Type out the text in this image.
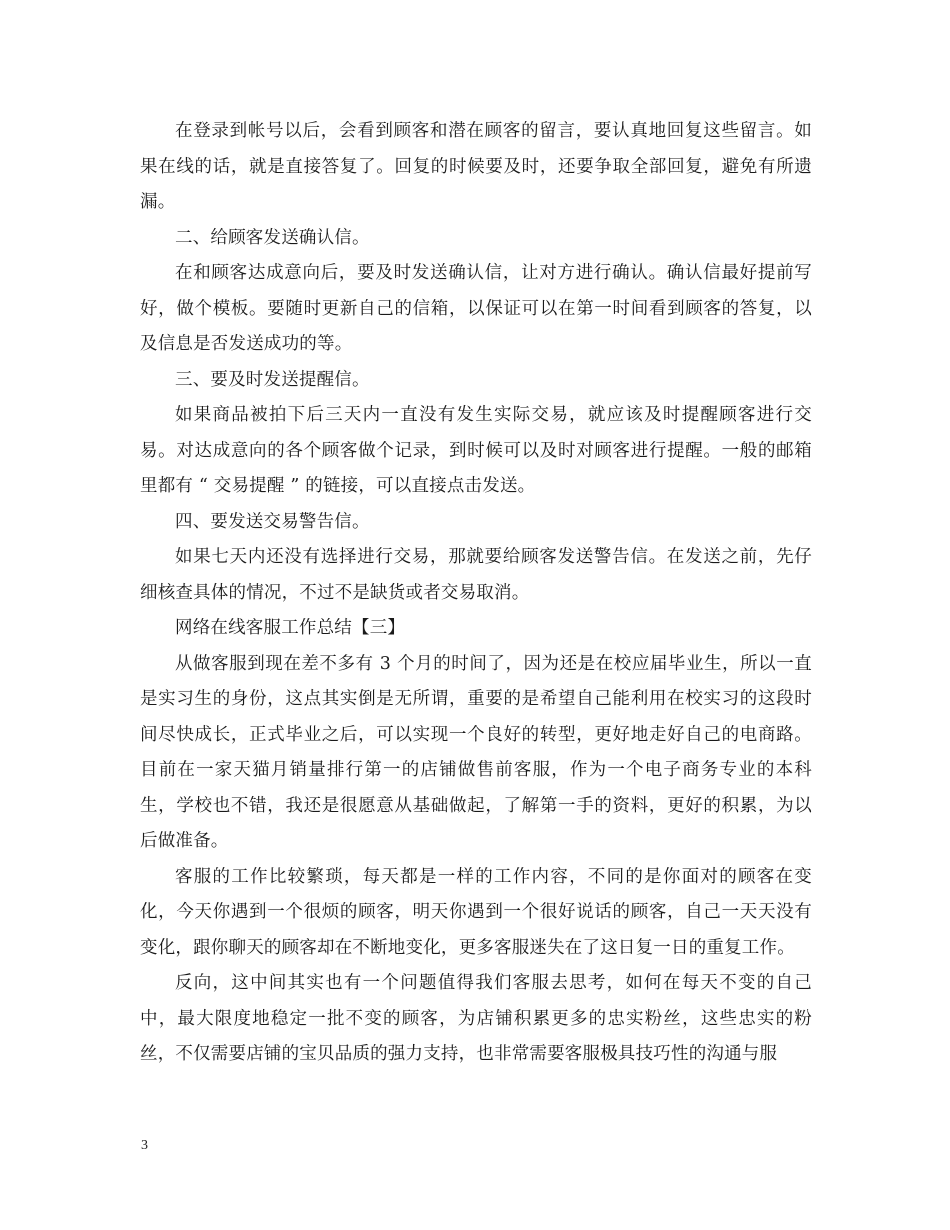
在登录到帐号以后，会看到顾客和潜在顾客的留言，要认真地回复这些留言。如果在线的话，就是直接答复了。回复的时候要及时，还要争取全部回复，避免有所遗漏。

二、给顾客发送确认信。

在和顾客达成意向后，要及时发送确认信，让对方进行确认。确认信最好提前写好，做个模板。要随时更新自己的信箱，以保证可以在第一时间看到顾客的答复，以及信息是否发送成功的等。

三、要及时发送提醒信。

如果商品被拍下后三天内一直没有发生实际交易，就应该及时提醒顾客进行交易。对达成意向的各个顾客做个记录，到时候可以及时对顾客进行提醒。一般的邮箱里都有 “ 交易提醒 ” 的链接，可以直接点击发送。

四、要发送交易警告信。

如果七天内还没有选择进行交易，那就要给顾客发送警告信。在发送之前，先仔细核查具体的情况，不过不是缺货或者交易取消。

网络在线客服工作总结【三】

从做客服到现在差不多有 3 个月的时间了，因为还是在校应届毕业生，所以一直是实习生的身份，这点其实倒是无所谓，重要的是希望自己能利用在校实习的这段时间尽快成长，正式毕业之后，可以实现一个良好的转型，更好地走好自己的电商路。目前在一家天猫月销量排行第一的店铺做售前客服，作为一个电子商务专业的本科生，学校也不错，我还是很愿意从基础做起，了解第一手的资料，更好的积累，为以后做准备。

客服的工作比较繁琐，每天都是一样的工作内容，不同的是你面对的顾客在变化，今天你遇到一个很烦的顾客，明天你遇到一个很好说话的顾客，自己一天天没有变化，跟你聊天的顾客却在不断地变化，更多客服迷失在了这日复一日的重复工作。

反向，这中间其实也有一个问题值得我们客服去思考，如何在每天不变的自己中，最大限度地稳定一批不变的顾客，为店铺积累更多的忠实粉丝，这些忠实的粉丝，不仅需要店铺的宝贝品质的强力支持，也非常需要客服极具技巧性的沟通与服

3
